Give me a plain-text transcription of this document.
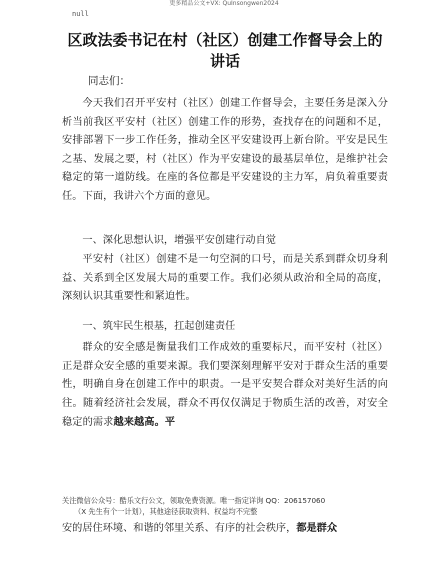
更多精品公文+VX: QuInsongwen2024
null
区政法委书记在村（社区）创建工作督导会上的讲话
同志们：
今天我们召开平安村（社区）创建工作督导会，主要任务是深入分析当前我区平安村（社区）创建工作的形势，查找存在的问题和不足，安排部署下一步工作任务，推动全区平安建设再上新台阶。平安是民生之基、发展之要，村（社区）作为平安建设的最基层单位，是维护社会稳定的第一道防线。在座的各位都是平安建设的主力军，肩负着重要责任。下面，我讲六个方面的意见。
一、深化思想认识，增强平安创建行动自觉
平安村（社区）创建不是一句空洞的口号，而是关系到群众切身利益、关系到全区发展大局的重要工作。我们必须从政治和全局的高度，深刻认识其重要性和紧迫性。
一、筑牢民生根基，扛起创建责任
群众的安全感是衡量我们工作成效的重要标尺，而平安村（社区）正是群众安全感的重要来源。我们要深刻理解平安对于群众生活的重要性，明确自身在创建工作中的职责。一是平安契合群众对美好生活的向往。随着经济社会发展，群众不再仅仅满足于物质生活的改善，对安全稳定的需求越来越高。平
关注微信公众号：酷乐文行公文，领取免费资源。唯一指定详询 QQ：206157060
（X 先生有个一计划），其他途径获取资料、权益均不完整
安的居住环境、和谐的邻里关系、有序的社会秩序，都是群众
